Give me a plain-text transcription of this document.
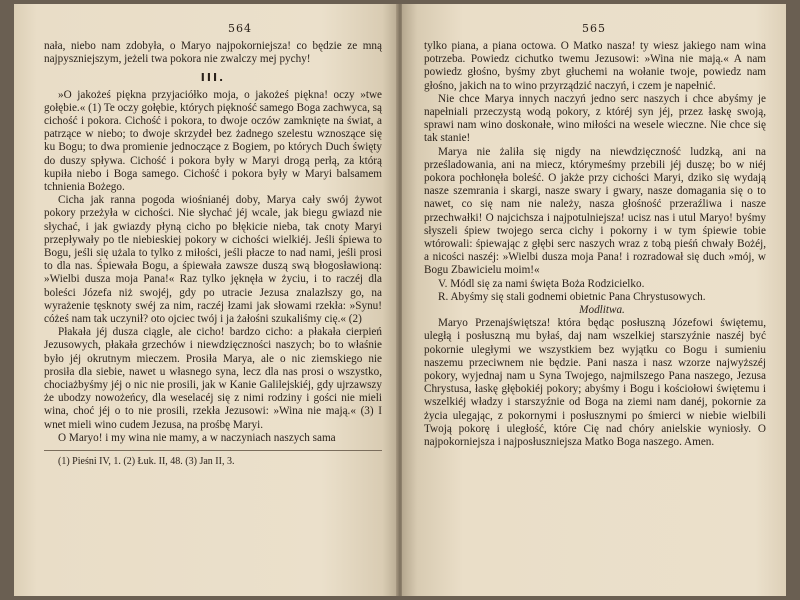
564

nała, niebo nam zdobyła, o Maryo najpokorniejsza! co będzie ze mną najpyszniejszym, jeżeli twa pokora nie zwalczy mej pychy!

III.

»O jakożeś piękna przyjaciółko moja, o jakożeś piękna! oczy »twe gołębie.« (1) Te oczy gołębie, których piękność samego Boga zachwyca, są cichość i pokora. Cichość i pokora, to dwoje oczów zamknięte na świat, a patrzące w niebo; to dwoje skrzydeł bez żadnego szelestu wznoszące się ku Bogu; to dwa promienie jednoczące z Bogiem, po których Duch święty do duszy spływa. Cichość i pokora były w Maryi drogą perłą, za którą kupiła niebo i Boga samego. Cichość i pokora były w Maryi balsamem tchnienia Bożego.

Cicha jak ranna pogoda wiośnianéj doby, Marya cały swój żywot pokory przeżyła w cichości. Nie słychać jéj wcale, jak biegu gwiazd nie słychać, i jak gwiazdy płyną cicho po błękicie nieba, tak cnoty Maryi przepływały po tle niebieskiej pokory w cichości wielkiéj. Jeśli śpiewa to Bogu, jeśli się użala to tylko z miłości, jeśli płacze to nad nami, jeśli prosi to dla nas. Śpiewała Bogu, a śpiewała zawsze duszą swą błogosławioną: »Wielbi dusza moja Pana!« Raz tylko jęknęła w życiu, i to raczéj dla boleści Józefa niż swojéj, gdy po utracie Jezusa znalazłszy go, na wyrażenie tęsknoty swéj za nim, raczéj łzami jak słowami rzekła: »Synu! cóżeś nam tak uczynił? oto ojciec twój i ja żałośni szukaliśmy cię.« (2)

Płakała jéj dusza ciągle, ale cicho! bardzo cicho: a płakała cierpień Jezusowych, płakała grzechów i niewdzięczności naszych; bo to właśnie było jéj okrutnym mieczem. Prosiła Marya, ale o nic ziemskiego nie prosiła dla siebie, nawet u własnego syna, lecz dla nas prosi o wszystko, chociażbyśmy jéj o nic nie prosili, jak w Kanie Galilejskiéj, gdy ujrzawszy że ubodzy nowożeńcy, dla weselacéj się z nimi rodziny i gości nie mieli wina, choć jéj o to nie prosili, rzekła Jezusowi: »Wina nie mają.« (3) I wnet mieli wino cudem Jezusa, na prośbę Maryi.

O Maryo! i my wina nie mamy, a w naczyniach naszych sama

(1) Pieśni IV, 1. (2) Łuk. II, 48. (3) Jan II, 3.

565

tylko piana, a piana octowa. O Matko nasza! ty wiesz jakiego nam wina potrzeba. Powiedz cichutko twemu Jezusowi: »Wina nie mają.« A nam powiedz głośno, byśmy zbyt głuchemi na wołanie twoje, powiedz nam głośno, jakich na to wino przyrządzić naczyń, i czem je napełnić.

Nie chce Marya innych naczyń jedno serc naszych i chce abyśmy je napełniali przeczystą wodą pokory, z któréj syn jéj, przez łaskę swoją, sprawi nam wino doskonałe, wino miłości na wesele wieczne. Nie chce się tak stanie!

Marya nie żaliła się nigdy na niewdzięczność ludzką, ani na prześladowania, ani na miecz, którymeśmy przebili jéj duszę; bo w niéj pokora pochłonęła boleść. O jakże przy cichości Maryi, dziko się wydają nasze szemrania i skargi, nasze swary i gwary, nasze domagania się o to nawet, co się nam nie należy, nasza głośność przeraźliwa i nasze przechwałki! O najcichsza i najpotulniejsza! ucisz nas i utul Maryo! byśmy słyszeli śpiew twojego serca cichy i pokorny i w tym śpiewie tobie wtórowali: śpiewając z głębi serc naszych wraz z tobą pieśń chwały Bożéj, a nicości naszéj: »Wielbi dusza moja Pana! i rozradował się duch »mój, w Bogu Zbawicielu moim!«

V. Módl się za nami święta Boża Rodzicielko.

R. Abyśmy się stali godnemi obietnic Pana Chrystusowych.

Modlitwa.

Maryo Przenajświętsza! która będąc posłuszną Józefowi świętemu, uległą i posłuszną mu byłaś, daj nam wszelkiej starszyźnie naszéj być pokornie uległymi we wszystkiem bez wyjątku co Bogu i sumieniu naszemu przeciwnem nie będzie. Pani nasza i nasz wzorze najwyższéj pokory, wyjednaj nam u Syna Twojego, najmilszego Pana naszego, Jezusa Chrystusa, łaskę głębokiéj pokory; abyśmy i Bogu i kościołowi świętemu i wszelkiéj władzy i starszyźnie od Boga na ziemi nam danéj, pokornie za życia ulegając, z pokornymi i posłusznymi po śmierci w niebie wielbili Twoją pokorę i uległość, które Cię nad chóry anielskie wyniosły. O najpokorniejsza i najposłuszniejsza Matko Boga naszego. Amen.
